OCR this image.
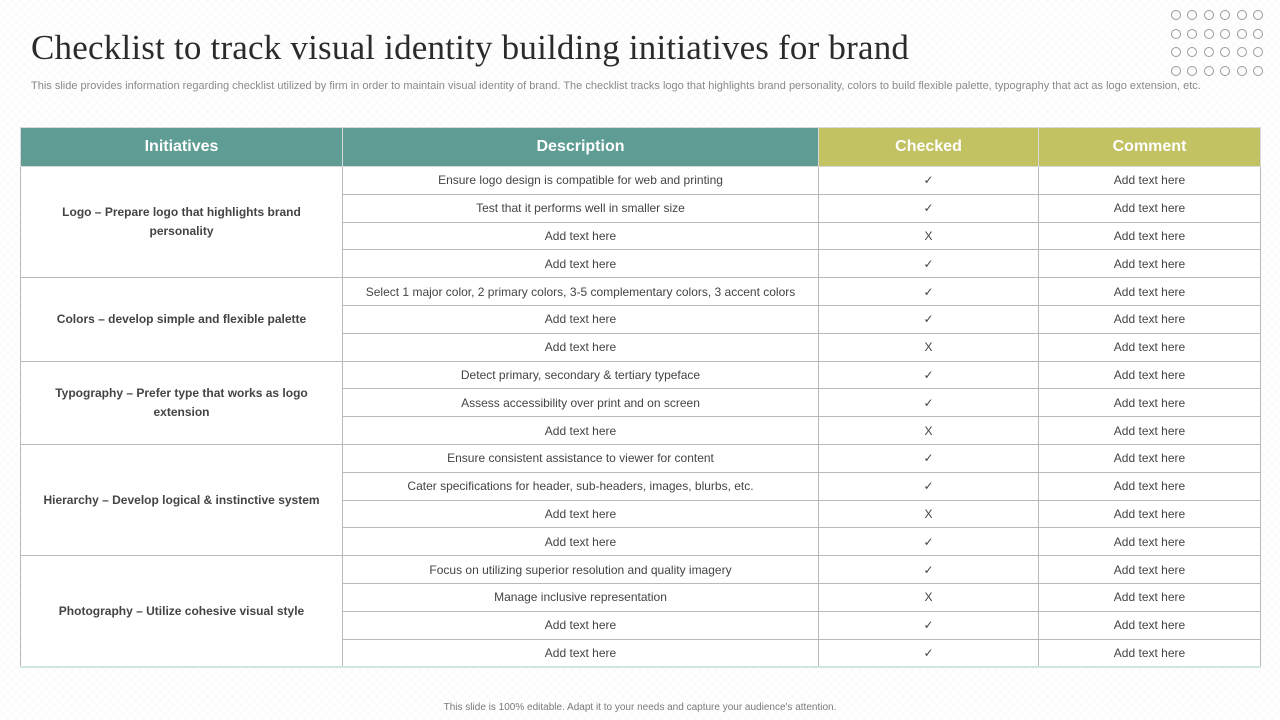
Checklist to track visual identity building initiatives for brand
This slide provides information regarding checklist utilized by firm in order to maintain visual identity of brand. The checklist tracks logo that highlights brand personality, colors to build flexible palette, typography that act as logo extension, etc.
Initiatives	Description	Checked	Comment
Logo – Prepare logo that highlights brand personality	Ensure logo design is compatible for web and printing	✓	Add text here
	Test that it performs well in smaller size	✓	Add text here
	Add text here	X	Add text here
	Add text here	✓	Add text here
Colors – develop simple and flexible palette	Select 1 major color, 2 primary colors, 3-5 complementary colors, 3 accent colors	✓	Add text here
	Add text here	✓	Add text here
	Add text here	X	Add text here
Typography – Prefer type that works as logo extension	Detect primary, secondary & tertiary typeface	✓	Add text here
	Assess accessibility over print and on screen	✓	Add text here
	Add text here	X	Add text here
Hierarchy – Develop logical & instinctive system	Ensure consistent assistance to viewer for content	✓	Add text here
	Cater specifications for header, sub-headers, images, blurbs, etc.	✓	Add text here
	Add text here	X	Add text here
	Add text here	✓	Add text here
Photography – Utilize cohesive visual style	Focus on utilizing superior resolution and quality imagery	✓	Add text here
	Manage inclusive representation	X	Add text here
	Add text here	✓	Add text here
	Add text here	✓	Add text here
This slide is 100% editable. Adapt it to your needs and capture your audience's attention.
